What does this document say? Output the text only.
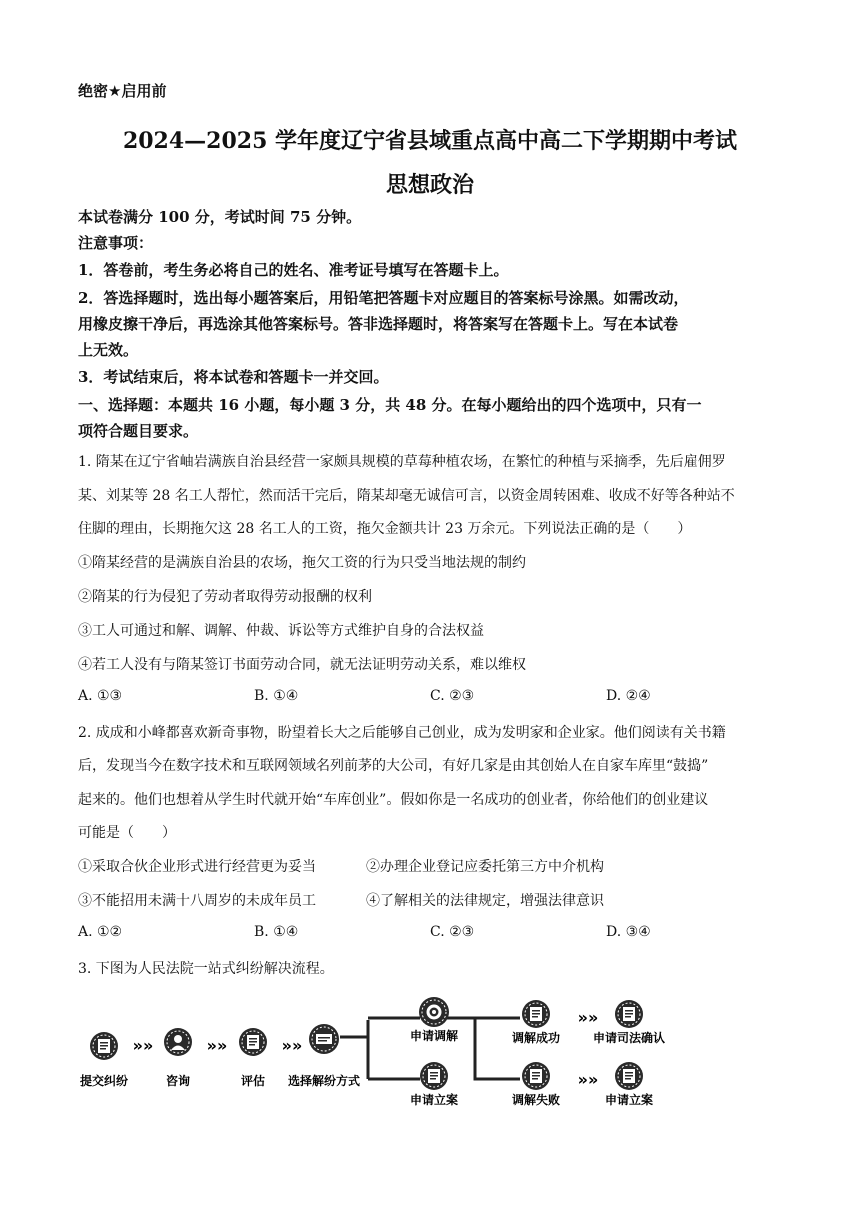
绝密★启用前
2024—2025 学年度辽宁省县域重点高中高二下学期期中考试
思想政治
本试卷满分 100 分，考试时间 75 分钟。
注意事项：
1．答卷前，考生务必将自己的姓名、准考证号填写在答题卡上。
2．答选择题时，选出每小题答案后，用铅笔把答题卡对应题目的答案标号涂黑。如需改动，
用橡皮擦干净后，再选涂其他答案标号。答非选择题时，将答案写在答题卡上。写在本试卷
上无效。
3．考试结束后，将本试卷和答题卡一并交回。
一、选择题：本题共 16 小题，每小题 3 分，共 48 分。在每小题给出的四个选项中，只有一
项符合题目要求。
1. 隋某在辽宁省岫岩满族自治县经营一家颇具规模的草莓种植农场，在繁忙的种植与采摘季，先后雇佣罗
某、刘某等 28 名工人帮忙，然而活干完后，隋某却毫无诚信可言，以资金周转困难、收成不好等各种站不
住脚的理由，长期拖欠这 28 名工人的工资，拖欠金额共计 23 万余元。下列说法正确的是（　　）
①隋某经营的是满族自治县的农场，拖欠工资的行为只受当地法规的制约
②隋某的行为侵犯了劳动者取得劳动报酬的权利
③工人可通过和解、调解、仲裁、诉讼等方式维护自身的合法权益
④若工人没有与隋某签订书面劳动合同，就无法证明劳动关系，难以维权
A. ①③	B. ①④	C. ②③	D. ②④
2. 成成和小峰都喜欢新奇事物，盼望着长大之后能够自己创业，成为发明家和企业家。他们阅读有关书籍
后，发现当今在数字技术和互联网领域名列前茅的大公司，有好几家是由其创始人在自家车库里“鼓捣”
起来的。他们也想着从学生时代就开始“车库创业”。假如你是一名成功的创业者，你给他们的创业建议
可能是（　　）
①采取合伙企业形式进行经营更为妥当	②办理企业登记应委托第三方中介机构
③不能招用未满十八周岁的未成年员工	④了解相关的法律规定，增强法律意识
A. ①②	B. ①④	C. ②③	D. ③④
3. 下图为人民法院一站式纠纷解决流程。
提交纠纷
»»
咨询
»»
评估
»»
选择解纷方式
申请调解
申请立案
调解成功
»»
调解失败
»»
申请司法确认
申请立案
